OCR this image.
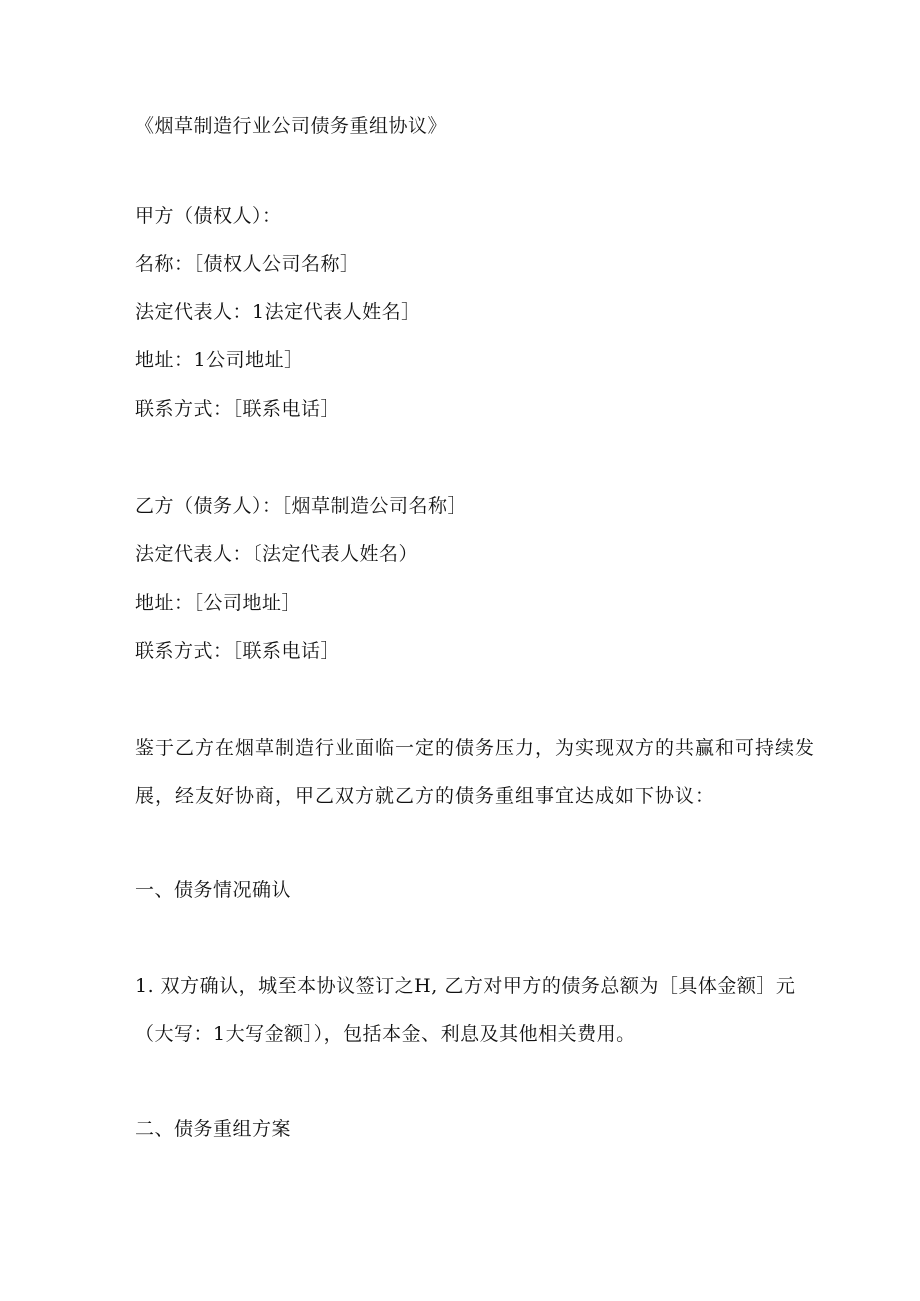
《烟草制造行业公司债务重组协议》
甲方（债权人）：
名称：［债权人公司名称］
法定代表人：1法定代表人姓名］
地址：1公司地址］
联系方式：［联系电话］
乙方（债务人）：［烟草制造公司名称］
法定代表人：〔法定代表人姓名）
地址：［公司地址］
联系方式：［联系电话］
鉴于乙方在烟草制造行业面临一定的债务压力，为实现双方的共赢和可持续发
展，经友好协商，甲乙双方就乙方的债务重组事宜达成如下协议：
一、债务情况确认
1. 双方确认，城至本协议签订之H, 乙方对甲方的债务总额为［具体金额］元
（大写：1大写金额］），包括本金、利息及其他相关费用。
二、债务重组方案
